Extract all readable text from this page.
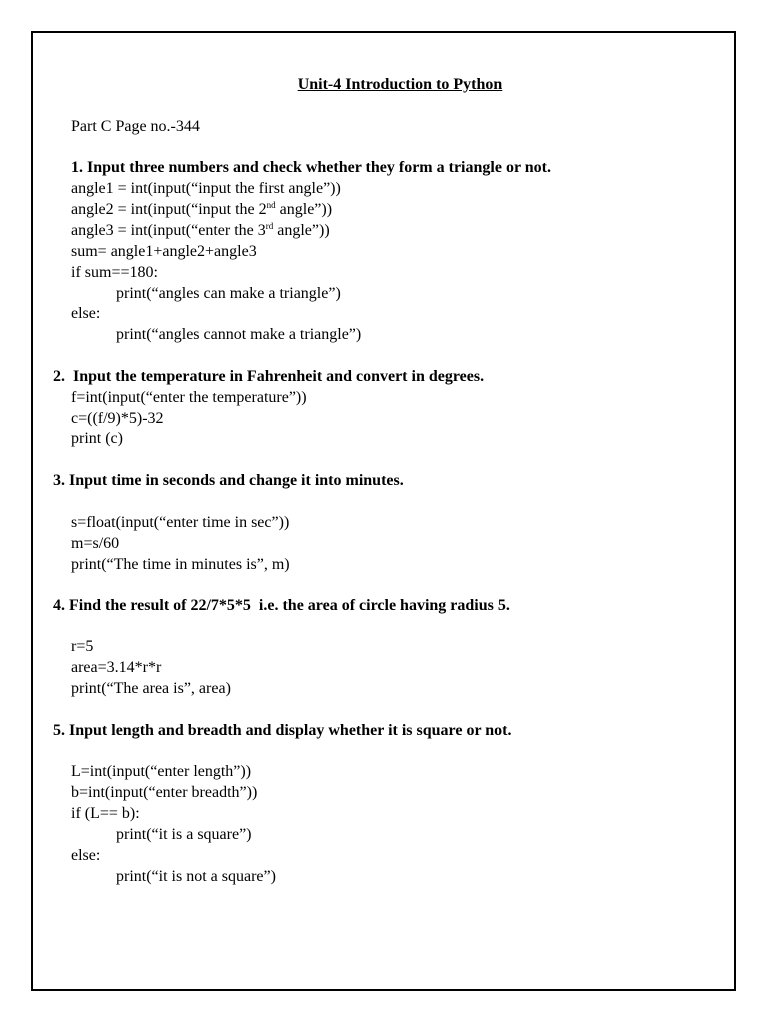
Unit-4 Introduction to Python
Part C Page no.-344
1. Input three numbers and check whether they form a triangle or not.
angle1 = int(input(“input the first angle”))
angle2 = int(input(“input the 2nd angle”))
angle3 = int(input(“enter the 3rd angle”))
sum= angle1+angle2+angle3
if sum==180:
print(“angles can make a triangle”)
else:
print(“angles cannot make a triangle”)
2.  Input the temperature in Fahrenheit and convert in degrees.
f=int(input(“enter the temperature”))
c=((f/9)*5)-32
print (c)
3. Input time in seconds and change it into minutes.
s=float(input(“enter time in sec”))
m=s/60
print(“The time in minutes is”, m)
4. Find the result of 22/7*5*5  i.e. the area of circle having radius 5.
r=5
area=3.14*r*r
print(“The area is”, area)
5. Input length and breadth and display whether it is square or not.
L=int(input(“enter length”))
b=int(input(“enter breadth”))
if (L== b):
print(“it is a square”)
else:
print(“it is not a square”)
